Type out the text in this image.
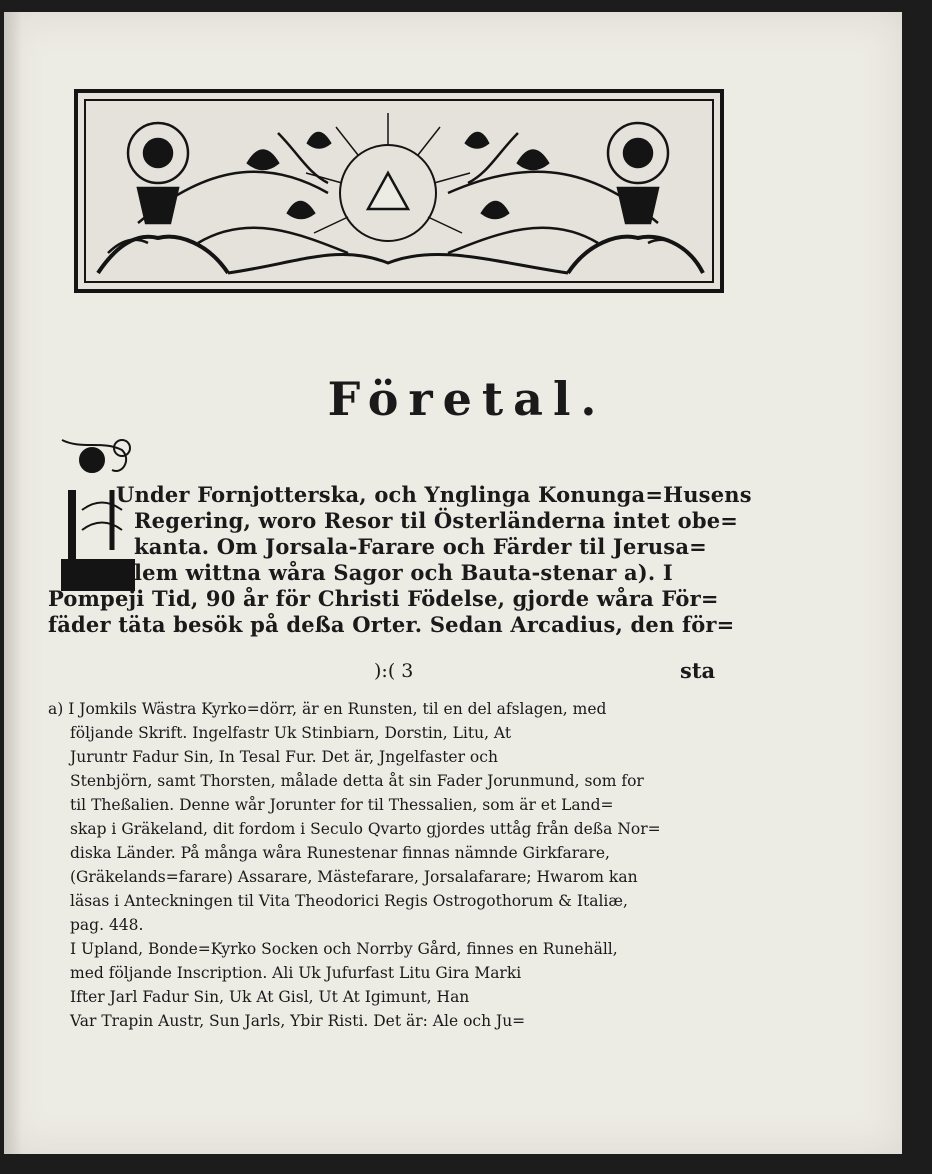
Företal.
Under Fornjotterska, och Ynglinga Konunga=Husens
Regering, woro Resor til Österländerna intet obe=
kanta. Om Jorsala-Farare och Färder til Jerusa=
lem wittna wåra Sagor och Bauta-stenar a). I
Pompeji Tid, 90 år för Christi Födelse, gjorde wåra För=
fäder täta besök på deßa Orter. Sedan Arcadius, den för=
):( 3	sta
a) I Jomkils Wästra Kyrko=dörr, är en Runsten, til en del afslagen, med
följande Skrift. Ingelfastr Uk Stinbiarn, Dorstin, Litu, At
Juruntr Fadur Sin, In Tesal Fur. Det är, Jngelfaster och
Stenbjörn, samt Thorsten, målade detta åt sin Fader Jorunmund, som for
til Theßalien. Denne wår Jorunter for til Thessalien, som är et Land=
skap i Gräkeland, dit fordom i Seculo Qvarto gjordes uttåg från deßa Nor=
diska Länder. På många wåra Runestenar finnas nämnde Girkfarare,
(Gräkelands=farare) Assarare, Mästefarare, Jorsalafarare; Hwarom kan
läsas i Anteckningen til Vita Theodorici Regis Ostrogothorum & Italiæ,
pag. 448.
I Upland, Bonde=Kyrko Socken och Norrby Gård, finnes en Runehäll,
med följande Inscription. Ali Uk Jufurfast Litu Gira Marki
Ifter Jarl Fadur Sin, Uk At Gisl, Ut At Igimunt, Han
Var Trapin Austr, Sun Jarls, Ybir Risti. Det är: Ale och Ju=
